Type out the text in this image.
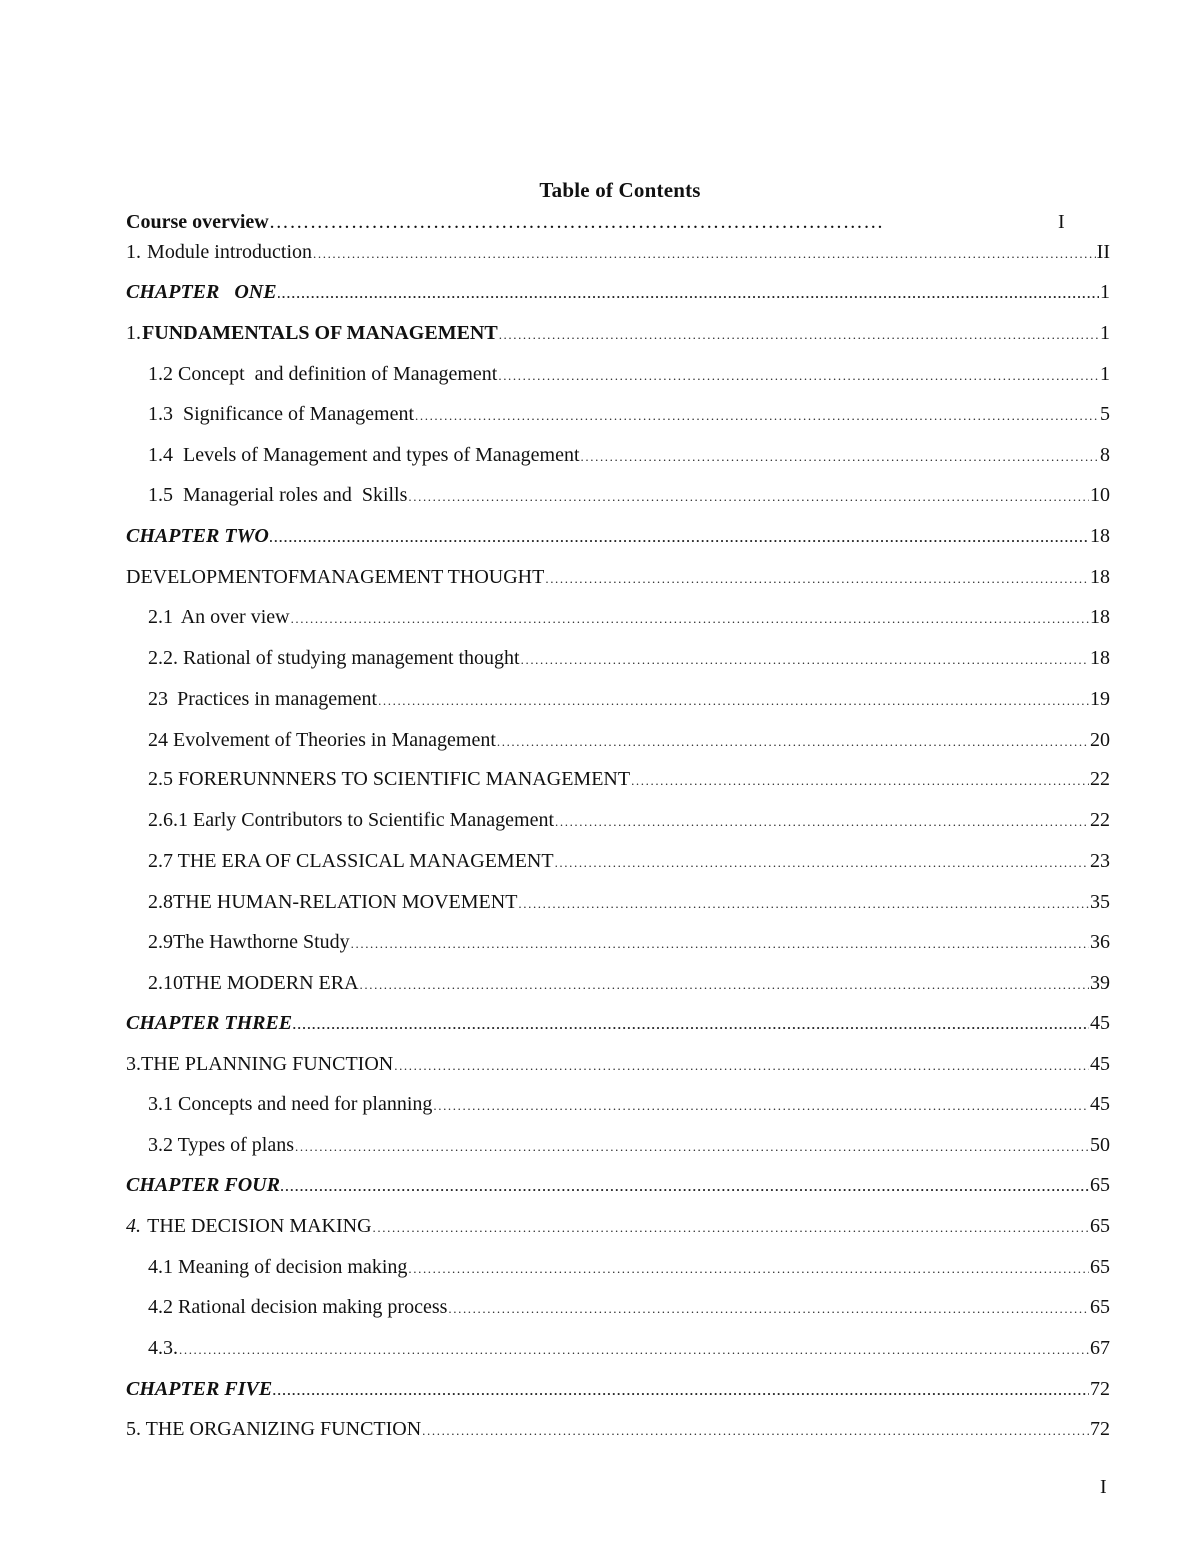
Table of Contents
Course overview………………………………………………………………………………	I
1. Module introduction .....	II
CHAPTER   ONE .....	1
1. FUNDAMENTALS OF MANAGEMENT .....	1
1.2 Concept  and definition of Management .....	1
1.3  Significance of Management .....	5
1.4  Levels of Management and types of Management .....	8
1.5  Managerial roles and  Skills .....	10
CHAPTER TWO .....	18
DEVELOPMENTOFMANAGEMENT THOUGHT .....	18
2.1 An over view .....	18
2.2. Rational of studying management thought .....	18
23 Practices in management .....	19
24 Evolvement of Theories in Management .....	20
2.5 FORERUNNNERS TO SCIENTIFIC MANAGEMENT .....	22
2.6.1 Early Contributors to Scientific Management .....	22
2.7 THE ERA OF CLASSICAL MANAGEMENT .....	23
2.8THE HUMAN-RELATION MOVEMENT .....	35
2.9The Hawthorne Study .....	36
2.10 THE MODERN ERA .....	39
CHAPTER THREE .....	45
3.THE PLANNING FUNCTION .....	45
3.1 Concepts and need for planning .....	45
3.2 Types of plans .....	50
CHAPTER FOUR .....	65
4. THE DECISION MAKING .....	65
4.1 Meaning of decision making .....	65
4.2 Rational decision making process .....	65
4.3. .....	67
CHAPTER FIVE .....	72
5. THE ORGANIZING FUNCTION .....	72
I
